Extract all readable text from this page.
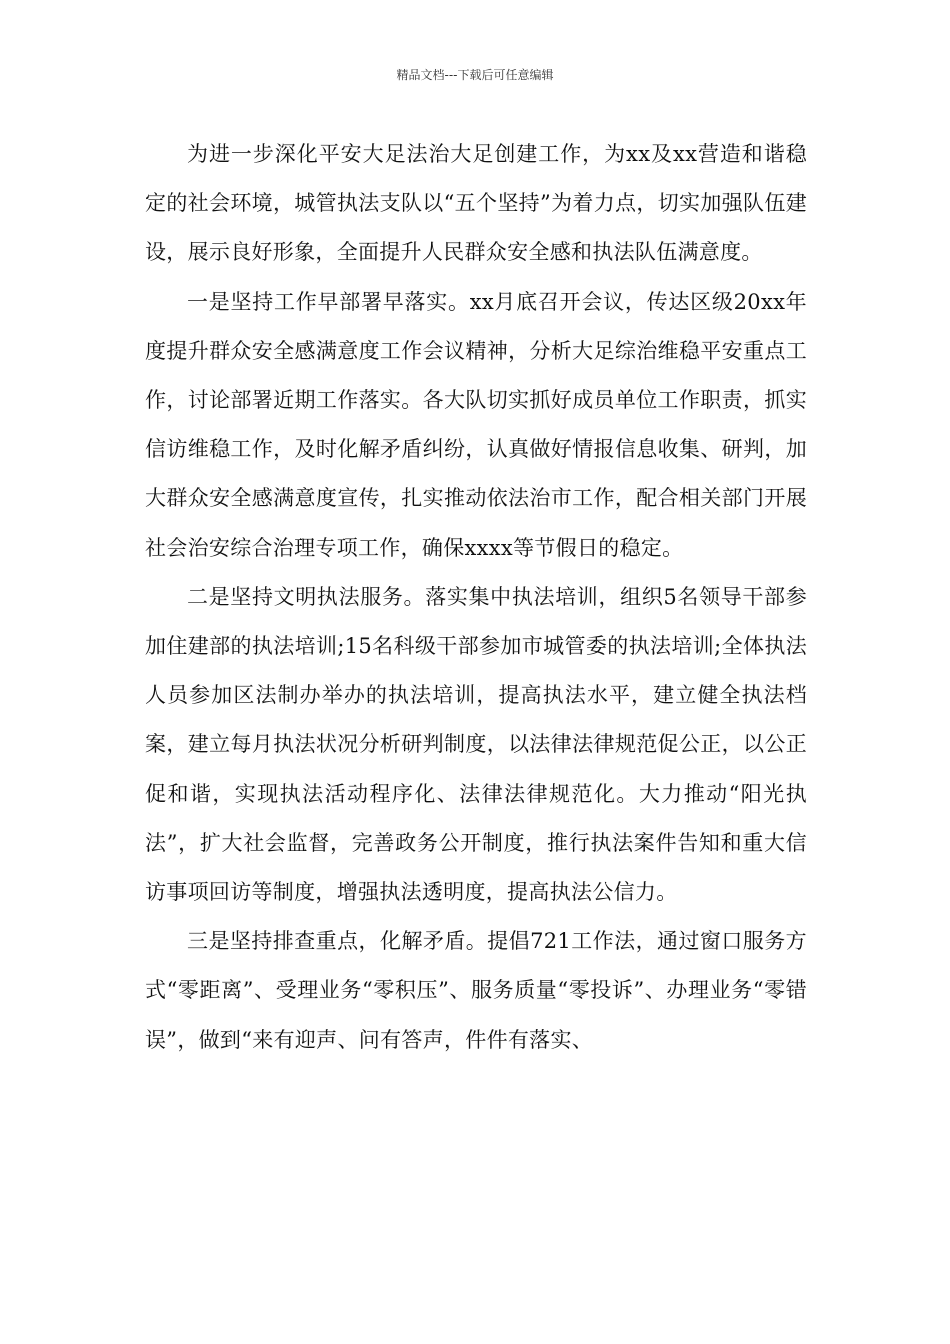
精品文档---下载后可任意编辑

为进一步深化平安大足法治大足创建工作，为xx及xx营造和谐稳定的社会环境，城管执法支队以“五个坚持”为着力点，切实加强队伍建设，展示良好形象，全面提升人民群众安全感和执法队伍满意度。

一是坚持工作早部署早落实。xx月底召开会议，传达区级20xx年度提升群众安全感满意度工作会议精神，分析大足综治维稳平安重点工作，讨论部署近期工作落实。各大队切实抓好成员单位工作职责，抓实信访维稳工作，及时化解矛盾纠纷，认真做好情报信息收集、研判，加大群众安全感满意度宣传，扎实推动依法治市工作，配合相关部门开展社会治安综合治理专项工作，确保xxxx等节假日的稳定。

二是坚持文明执法服务。落实集中执法培训，组织5名领导干部参加住建部的执法培训;15名科级干部参加市城管委的执法培训;全体执法人员参加区法制办举办的执法培训，提高执法水平，建立健全执法档案，建立每月执法状况分析研判制度，以法律法律规范促公正，以公正促和谐，实现执法活动程序化、法律法律规范化。大力推动“阳光执法”，扩大社会监督，完善政务公开制度，推行执法案件告知和重大信访事项回访等制度，增强执法透明度，提高执法公信力。

三是坚持排查重点，化解矛盾。提倡721工作法，通过窗口服务方式“零距离”、受理业务“零积压”、服务质量“零投诉”、办理业务“零错误”，做到“来有迎声、问有答声，件件有落实、
